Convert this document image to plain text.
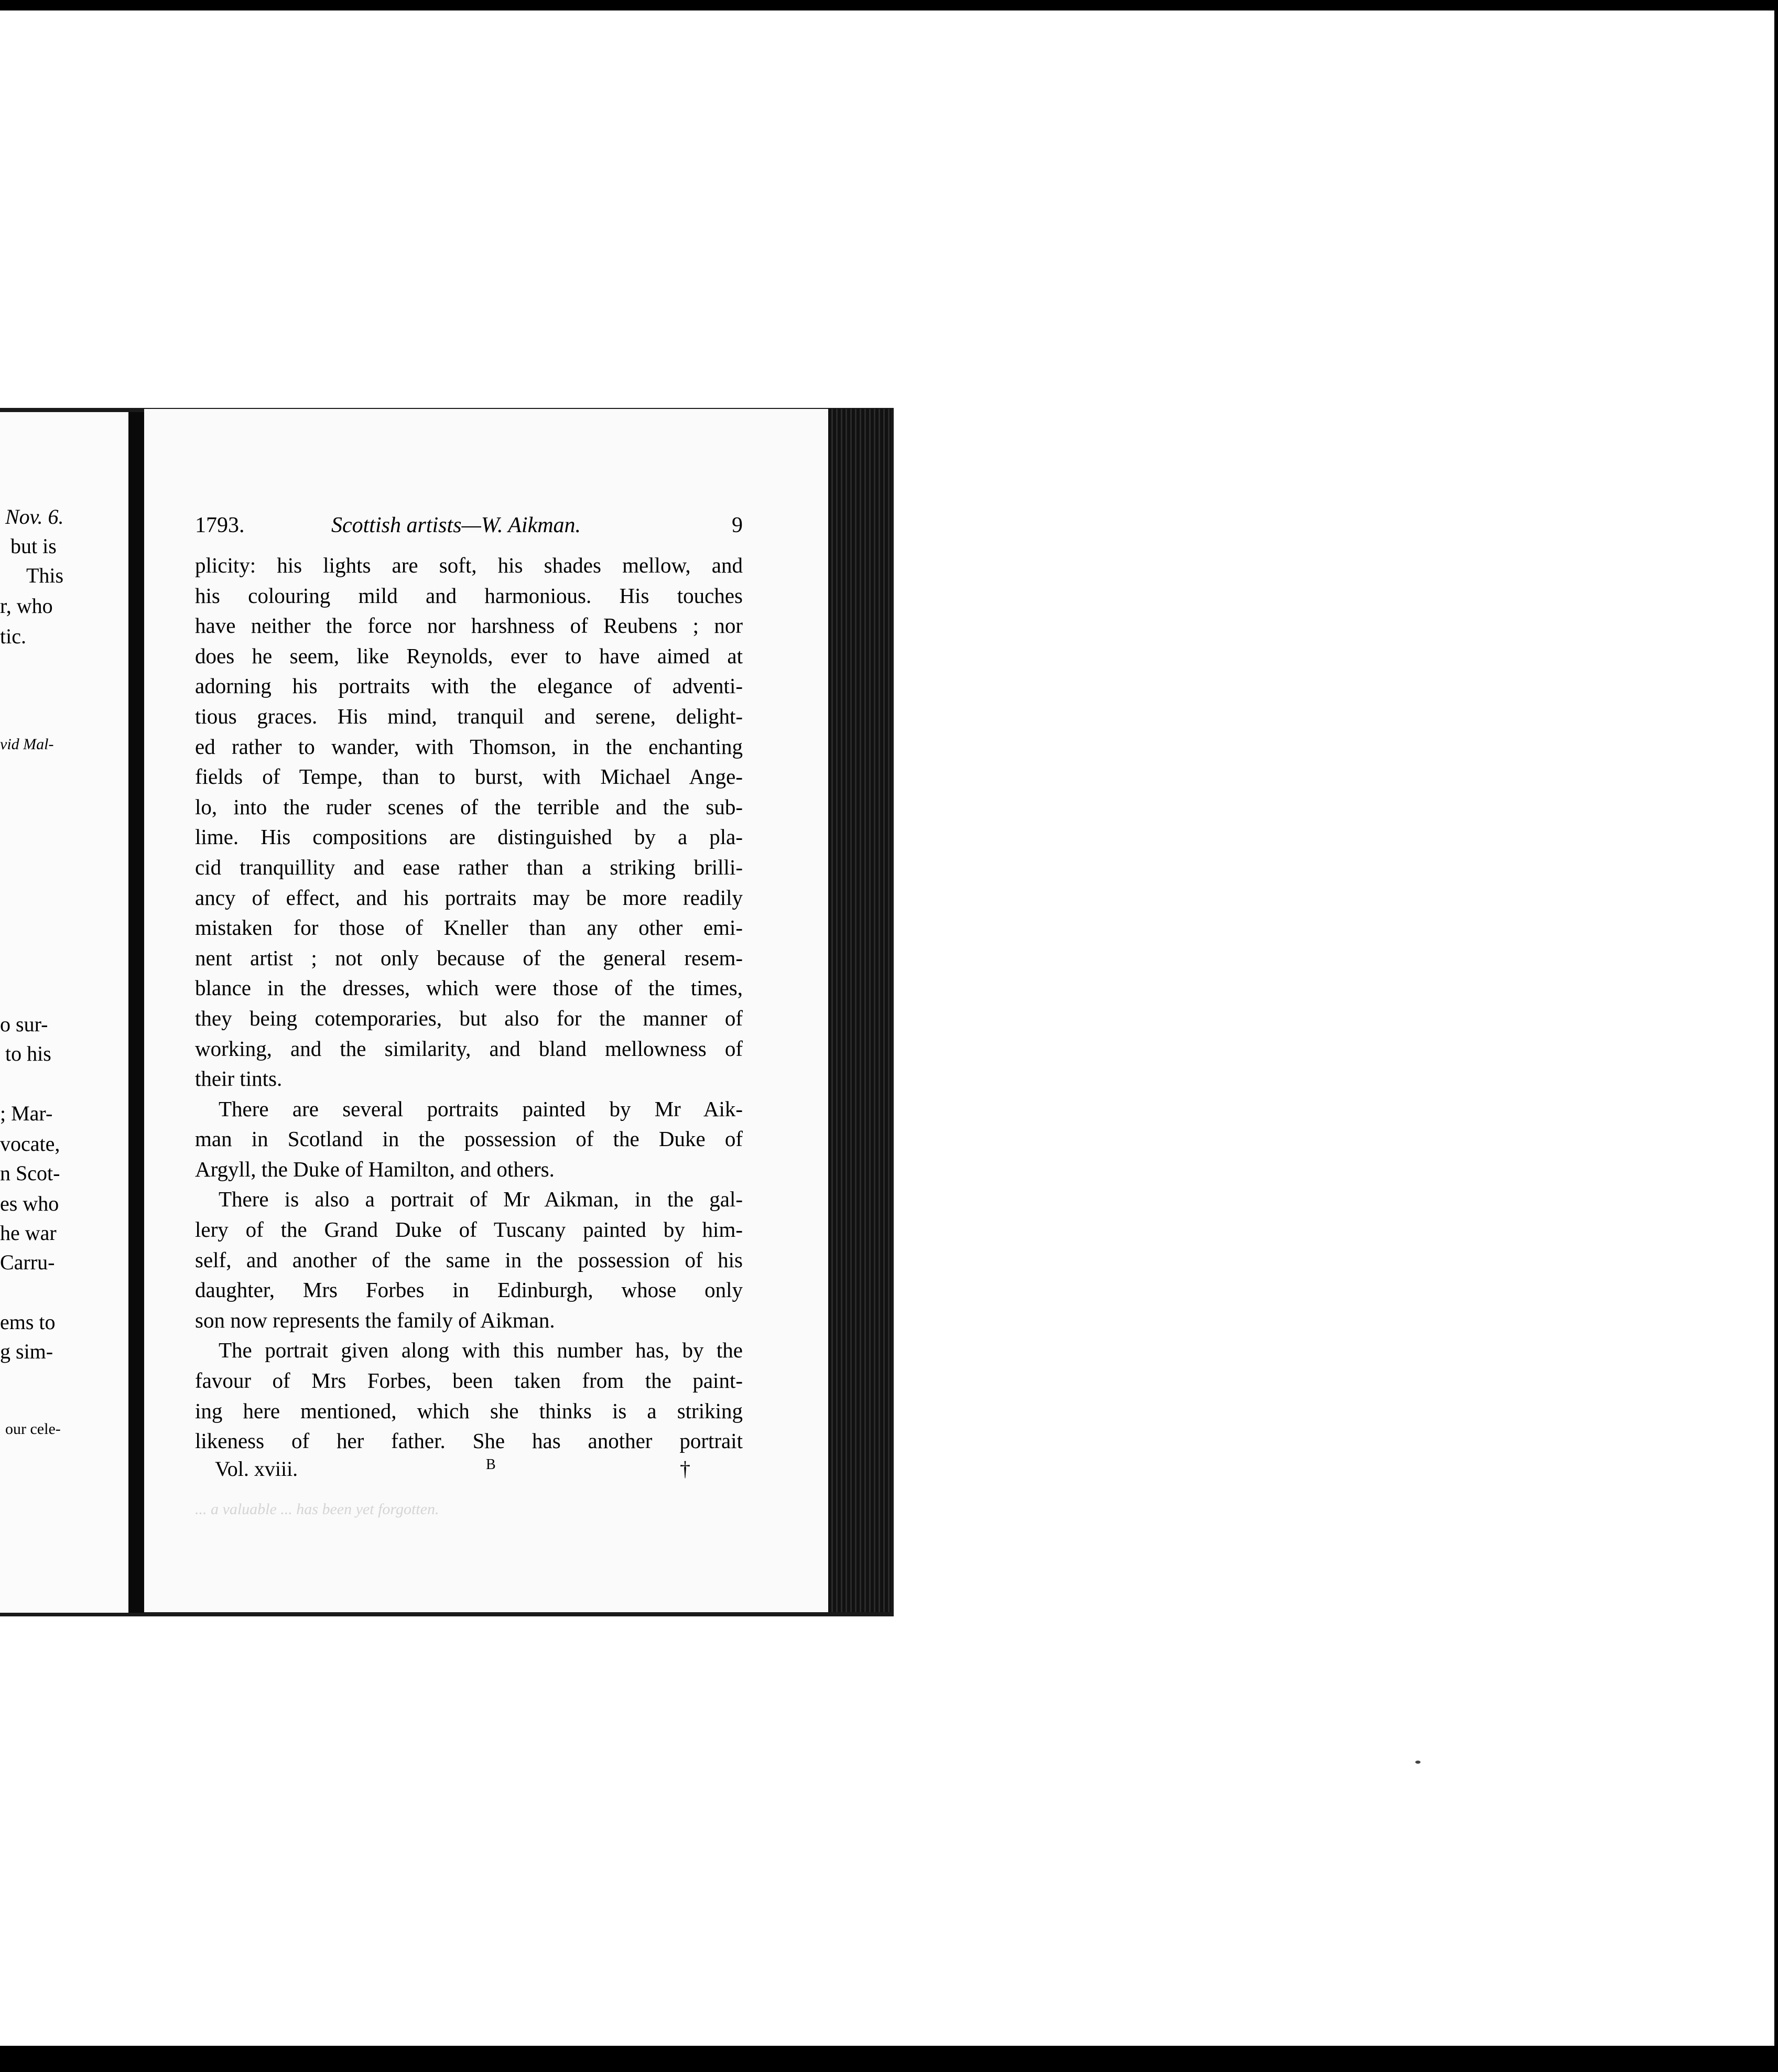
Nov. 6.
but is
This
r, who
tic.
vid Mal-
o sur-
to his
; Mar-
vocate,
n Scot-
es who
he war
Carru-
ems to
g sim-
our cele-
1793.	Scottish artists—W. Aikman.	9
plicity: his lights are soft, his shades mellow, and
his colouring mild and harmonious. His touches
have neither the force nor harshness of Reubens ; nor
does he seem, like Reynolds, ever to have aimed at
adorning his portraits with the elegance of adventi-
tious graces. His mind, tranquil and serene, delight-
ed rather to wander, with Thomson, in the enchanting
fields of Tempe, than to burst, with Michael Ange-
lo, into the ruder scenes of the terrible and the sub-
lime. His compositions are distinguished by a pla-
cid tranquillity and ease rather than a striking brilli-
ancy of effect, and his portraits may be more readily
mistaken for those of Kneller than any other emi-
nent artist ; not only because of the general resem-
blance in the dresses, which were those of the times,
they being cotemporaries, but also for the manner of
working, and the similarity, and bland mellowness of
their tints.
There are several portraits painted by Mr Aik-
man in Scotland in the possession of the Duke of
Argyll, the Duke of Hamilton, and others.
There is also a portrait of Mr Aikman, in the gal-
lery of the Grand Duke of Tuscany painted by him-
self, and another of the same in the possession of his
daughter, Mrs Forbes in Edinburgh, whose only
son now represents the family of Aikman.
The portrait given along with this number has, by the
favour of Mrs Forbes, been taken from the paint-
ing here mentioned, which she thinks is a striking
likeness of her father. She has another portrait
Vol. xviii.	B	†
... a valuable ... has been yet forgotten.
